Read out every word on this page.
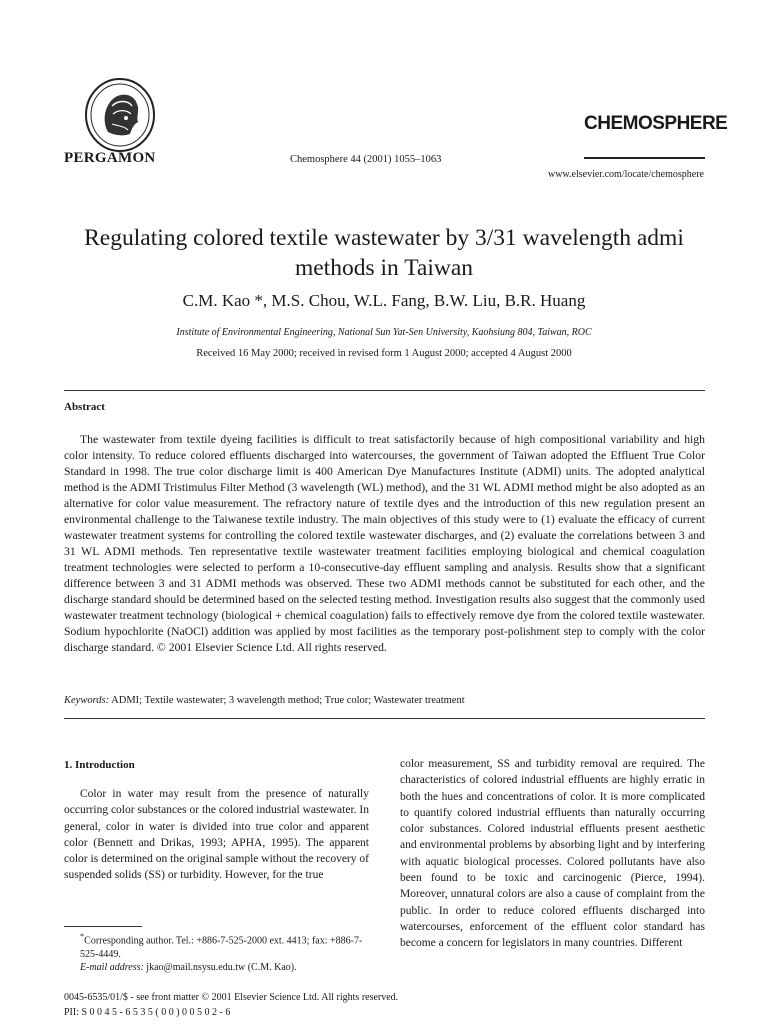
PERGAMON	Chemosphere 44 (2001) 1055–1063
CHEMOSPHERE
www.elsevier.com/locate/chemosphere
Regulating colored textile wastewater by 3/31 wavelength admi methods in Taiwan
C.M. Kao *, M.S. Chou, W.L. Fang, B.W. Liu, B.R. Huang
Institute of Environmental Engineering, National Sun Yat-Sen University, Kaohsiung 804, Taiwan, ROC
Received 16 May 2000; received in revised form 1 August 2000; accepted 4 August 2000
Abstract
The wastewater from textile dyeing facilities is difficult to treat satisfactorily because of high compositional variability and high color intensity. To reduce colored effluents discharged into watercourses, the government of Taiwan adopted the Effluent True Color Standard in 1998. The true color discharge limit is 400 American Dye Manufactures Institute (ADMI) units. The adopted analytical method is the ADMI Tristimulus Filter Method (3 wavelength (WL) method), and the 31 WL ADMI method might be also adopted as an alternative for color value measurement. The refractory nature of textile dyes and the introduction of this new regulation present an environmental challenge to the Taiwanese textile industry. The main objectives of this study were to (1) evaluate the efficacy of current wastewater treatment systems for controlling the colored textile wastewater discharges, and (2) evaluate the correlations between 3 and 31 WL ADMI methods. Ten representative textile wastewater treatment facilities employing biological and chemical coagulation treatment technologies were selected to perform a 10-consecutive-day effluent sampling and analysis. Results show that a significant difference between 3 and 31 ADMI methods was observed. These two ADMI methods cannot be substituted for each other, and the discharge standard should be determined based on the selected testing method. Investigation results also suggest that the commonly used wastewater treatment technology (biological + chemical coagulation) fails to effectively remove dye from the colored textile wastewater. Sodium hypochlorite (NaOCl) addition was applied by most facilities as the temporary post-polishment step to comply with the color discharge standard. © 2001 Elsevier Science Ltd. All rights reserved.
Keywords: ADMI; Textile wastewater; 3 wavelength method; True color; Wastewater treatment
1. Introduction
Color in water may result from the presence of naturally occurring color substances or the colored industrial wastewater. In general, color in water is divided into true color and apparent color (Bennett and Drikas, 1993; APHA, 1995). The apparent color is determined on the original sample without the recovery of suspended solids (SS) or turbidity. However, for the true
color measurement, SS and turbidity removal are required. The characteristics of colored industrial effluents are highly erratic in both the hues and concentrations of color. It is more complicated to quantify colored industrial effluents than naturally occurring color substances. Colored industrial effluents present aesthetic and environmental problems by absorbing light and by interfering with aquatic biological processes. Colored pollutants have also been found to be toxic and carcinogenic (Pierce, 1994). Moreover, unnatural colors are also a cause of complaint from the public. In order to reduce colored effluents discharged into watercourses, enforcement of the effluent color standard has become a concern for legislators in many countries. Different
*Corresponding author. Tel.: +886-7-525-2000 ext. 4413; fax: +886-7-525-4449.
E-mail address: jkao@mail.nsysu.edu.tw (C.M. Kao).
0045-6535/01/$ - see front matter © 2001 Elsevier Science Ltd. All rights reserved.
PII: S 0 0 4 5 - 6 5 3 5 ( 0 0 ) 0 0 5 0 2 - 6
